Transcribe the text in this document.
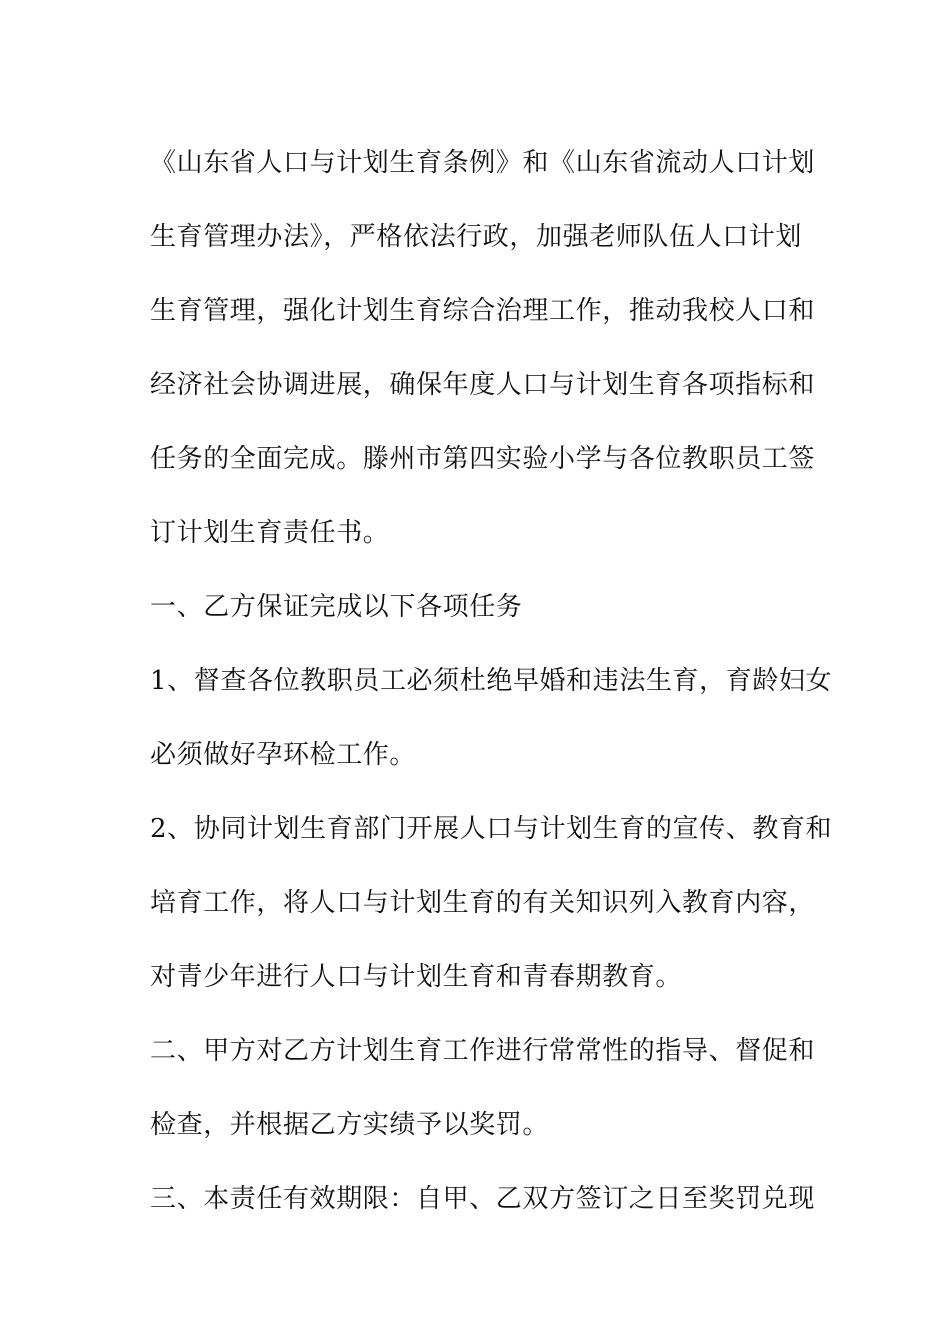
《山东省人口与计划生育条例》和《山东省流动人口计划
生育管理办法》，严格依法行政，加强老师队伍人口计划
生育管理，强化计划生育综合治理工作，推动我校人口和
经济社会协调进展，确保年度人口与计划生育各项指标和
任务的全面完成。滕州市第四实验小学与各位教职员工签
订计划生育责任书。
一、乙方保证完成以下各项任务
1、督查各位教职员工必须杜绝早婚和违法生育，育龄妇女
必须做好孕环检工作。
2、协同计划生育部门开展人口与计划生育的宣传、教育和
培育工作，将人口与计划生育的有关知识列入教育内容，
对青少年进行人口与计划生育和青春期教育。
二、甲方对乙方计划生育工作进行常常性的指导、督促和
检查，并根据乙方实绩予以奖罚。
三、本责任有效期限：自甲、乙双方签订之日至奖罚兑现
